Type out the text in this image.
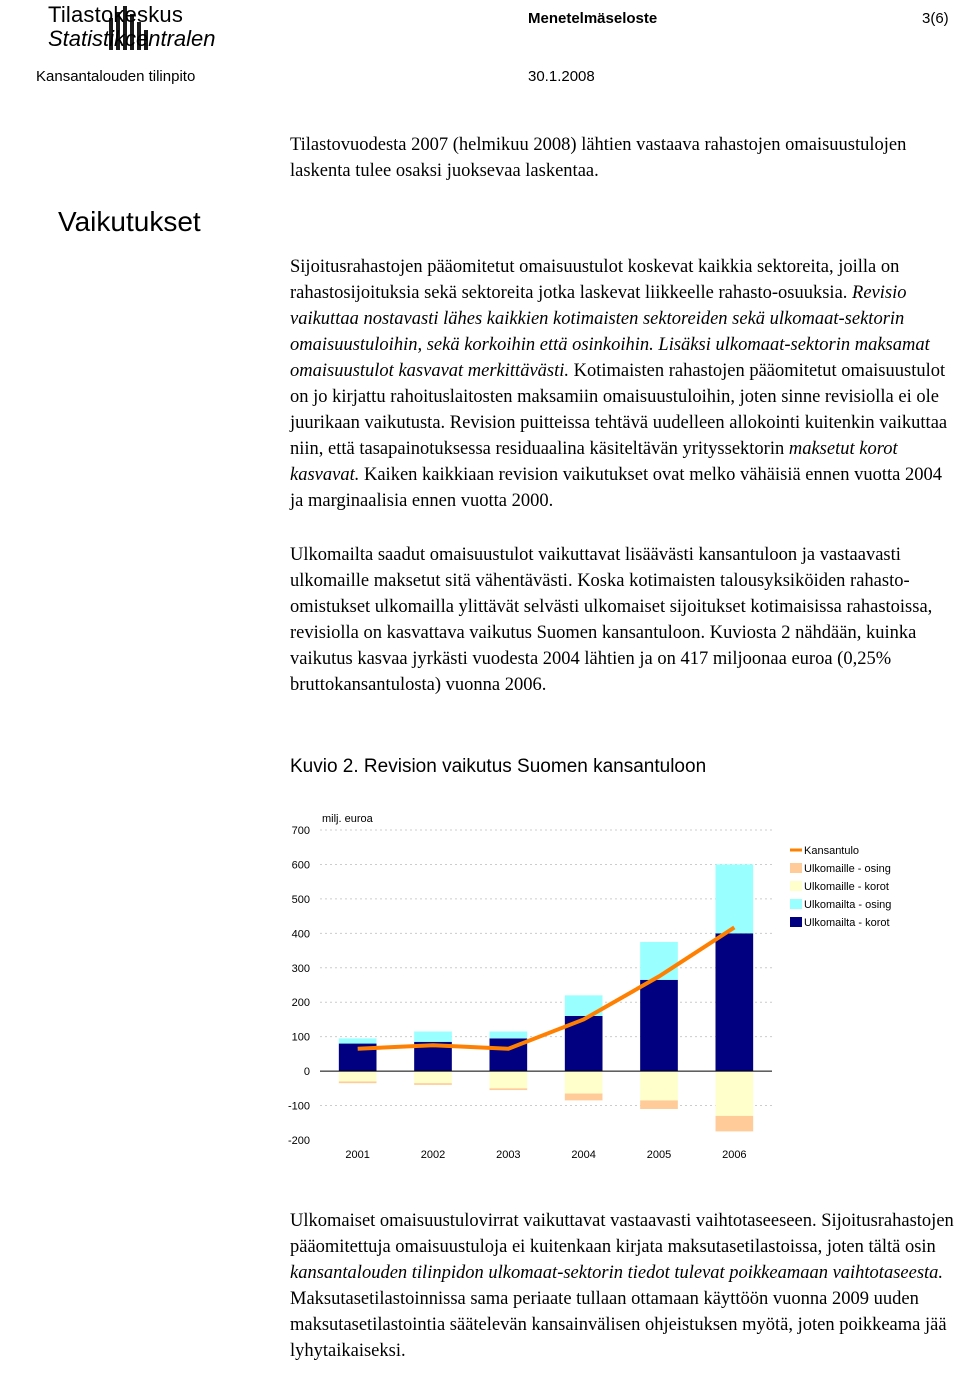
Tilastokeskus
Statistikcentralen
Menetelmäseloste	3(6)
Kansantalouden tilinpito	30.1.2008

Tilastovuodesta 2007 (helmikuu 2008) lähtien vastaava rahastojen omaisuustulojen laskenta tulee osaksi juoksevaa laskentaa.

Vaikutukset

Sijoitusrahastojen pääomitetut omaisuustulot koskevat kaikkia sektoreita, joilla on rahastosijoituksia sekä sektoreita jotka laskevat liikkeelle rahasto-osuuksia. Revisio vaikuttaa nostavasti lähes kaikkien kotimaisten sektoreiden sekä ulkomaat-sektorin omaisuustuloihin, sekä korkoihin että osinkoihin. Lisäksi ulkomaat-sektorin maksamat omaisuustulot kasvavat merkittävästi. Kotimaisten rahastojen pääomitetut omaisuustulot on jo kirjattu rahoituslaitosten maksamiin omaisuustuloihin, joten sinne revisiolla ei ole juurikaan vaikutusta. Revision puitteissa tehtävä uudelleen allokointi kuitenkin vaikuttaa niin, että tasapainotuksessa residuaalina käsiteltävän yrityssektorin maksetut korot kasvavat. Kaiken kaikkiaan revision vaikutukset ovat melko vähäisiä ennen vuotta 2004 ja marginaalisia ennen vuotta 2000.

Ulkomailta saadut omaisuustulot vaikuttavat lisäävästi kansantuloon ja vastaavasti ulkomaille maksetut sitä vähentävästi. Koska kotimaisten talousyksiköiden rahasto-omistukset ulkomailla ylittävät selvästi ulkomaiset sijoitukset kotimaisissa rahastoissa, revisiolla on kasvattava vaikutus Suomen kansantuloon. Kuviosta 2 nähdään, kuinka vaikutus kasvaa jyrkästi vuodesta 2004 lähtien ja on 417 miljoonaa euroa (0,25% bruttokansantulosta) vuonna 2006.

Kuvio 2. Revision vaikutus Suomen kansantuloon
-200
-100
0
100
200
300
400
500
600
700
milj. euroa
2001	2002	2003	2004	2005	2006
Kansantulo
Ulkomaille - osing
Ulkomaille - korot
Ulkomailta - osing
Ulkomailta - korot

Ulkomaiset omaisuustulovirrat vaikuttavat vastaavasti vaihtotaseeseen. Sijoitusrahastojen pääomitettuja omaisuustuloja ei kuitenkaan kirjata maksutasetilastoissa, joten tältä osin kansantalouden tilinpidon ulkomaat-sektorin tiedot tulevat poikkeamaan vaihtotaseesta. Maksutasetilastoinnissa sama periaate tullaan ottamaan käyttöön vuonna 2009 uuden maksutasetilastointia säätelevän kansainvälisen ohjeistuksen myötä, joten poikkeama jää lyhytaikaiseksi.
